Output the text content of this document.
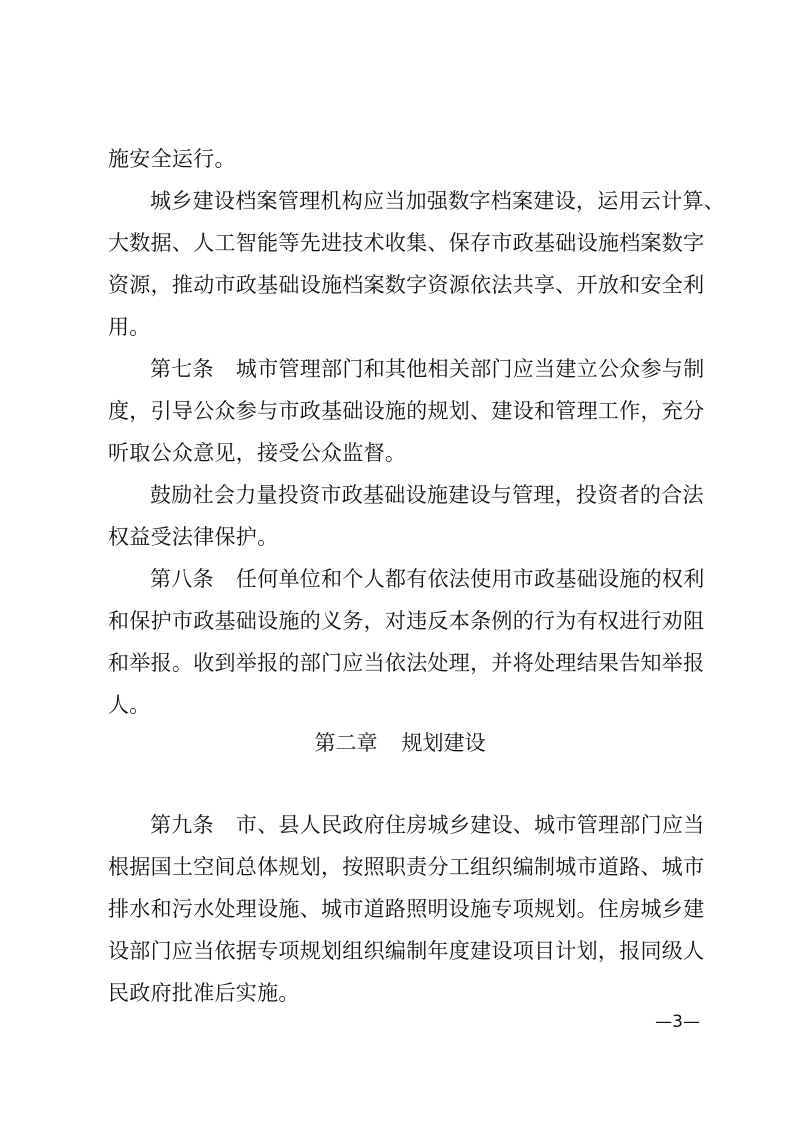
施安全运行。
城乡建设档案管理机构应当加强数字档案建设，运用云计算、
大数据、人工智能等先进技术收集、保存市政基础设施档案数字
资源，推动市政基础设施档案数字资源依法共享、开放和安全利
用。
第七条 城市管理部门和其他相关部门应当建立公众参与制
度，引导公众参与市政基础设施的规划、建设和管理工作，充分
听取公众意见，接受公众监督。
鼓励社会力量投资市政基础设施建设与管理，投资者的合法
权益受法律保护。
第八条 任何单位和个人都有依法使用市政基础设施的权利
和保护市政基础设施的义务，对违反本条例的行为有权进行劝阻
和举报。收到举报的部门应当依法处理，并将处理结果告知举报
人。
第二章 规划建设
第九条 市、县人民政府住房城乡建设、城市管理部门应当
根据国土空间总体规划，按照职责分工组织编制城市道路、城市
排水和污水处理设施、城市道路照明设施专项规划。住房城乡建
设部门应当依据专项规划组织编制年度建设项目计划，报同级人
民政府批准后实施。
—3—
